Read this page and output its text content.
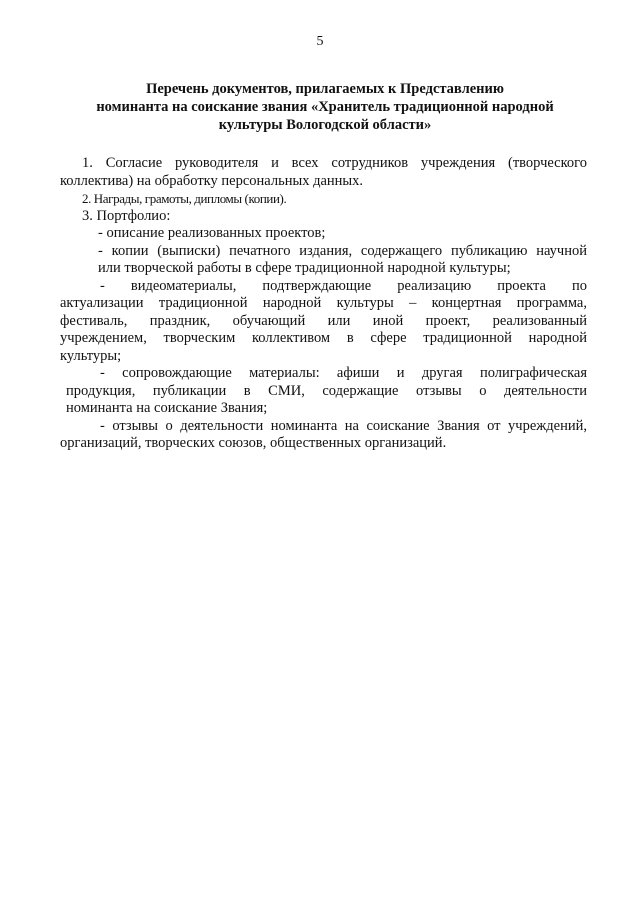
5
Перечень документов, прилагаемых к Представлению
номинанта на соискание звания «Хранитель традиционной народной
культуры Вологодской области»
1. Согласие руководителя и всех сотрудников учреждения (творческого
коллектива) на обработку персональных данных.
2. Награды, грамоты, дипломы (копии).
3. Портфолио:
- описание реализованных проектов;
- копии (выписки) печатного издания, содержащего публикацию научной
или творческой работы в сфере традиционной народной культуры;
- видеоматериалы, подтверждающие реализацию проекта по
актуализации традиционной народной культуры – концертная программа,
фестиваль, праздник, обучающий или иной проект, реализованный
учреждением, творческим коллективом в сфере традиционной народной
культуры;
- сопровождающие материалы: афиши и другая полиграфическая
продукция, публикации в СМИ, содержащие отзывы о деятельности
номинанта на соискание Звания;
- отзывы о деятельности номинанта на соискание Звания от учреждений,
организаций, творческих союзов, общественных организаций.
